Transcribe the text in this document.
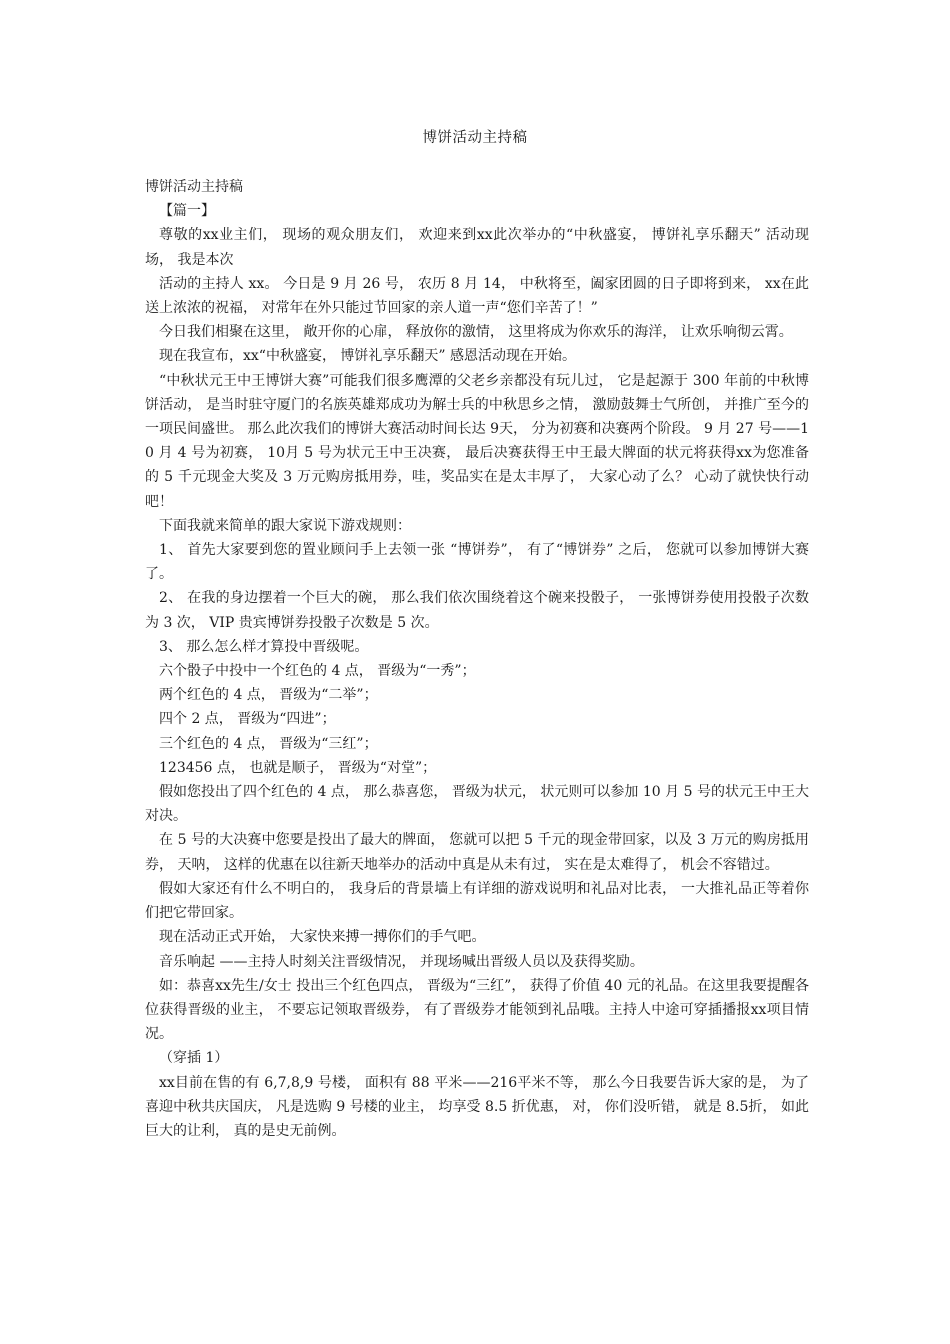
博饼活动主持稿

博饼活动主持稿

【篇一】

尊敬的xx业主们， 现场的观众朋友们， 欢迎来到xx此次举办的“中秋盛宴， 博饼礼享乐翻天” 活动现场， 我是本次

活动的主持人 xx。 今日是 9 月 26 号， 农历 8 月 14， 中秋将至，阖家团圆的日子即将到来， xx在此送上浓浓的祝福， 对常年在外只能过节回家的亲人道一声“您们辛苦了！”

今日我们相聚在这里， 敞开你的心扉， 释放你的激情， 这里将成为你欢乐的海洋， 让欢乐响彻云霄。

现在我宣布，xx“中秋盛宴， 博饼礼享乐翻天” 感恩活动现在开始。

“中秋状元王中王博饼大赛”可能我们很多鹰潭的父老乡亲都没有玩儿过， 它是起源于 300 年前的中秋博饼活动， 是当时驻守厦门的名族英雄郑成功为解士兵的中秋思乡之情， 激励鼓舞士气所创， 并推广至今的一项民间盛世。 那么此次我们的博饼大赛活动时间长达 9天， 分为初赛和决赛两个阶段。 9 月 27 号——10 月 4 号为初赛， 10月 5 号为状元王中王决赛， 最后决赛获得王中王最大牌面的状元将获得xx为您准备的 5 千元现金大奖及 3 万元购房抵用券，哇，奖品实在是太丰厚了， 大家心动了么？ 心动了就快快行动吧！

下面我就来简单的跟大家说下游戏规则：

1、 首先大家要到您的置业顾问手上去领一张 “博饼券”， 有了“博饼券” 之后， 您就可以参加博饼大赛了。

2、 在我的身边摆着一个巨大的碗， 那么我们依次围绕着这个碗来投骰子， 一张博饼券使用投骰子次数为 3 次， VIP 贵宾博饼券投骰子次数是 5 次。

3、 那么怎么样才算投中晋级呢。

六个骰子中投中一个红色的 4 点， 晋级为“一秀”；

两个红色的 4 点， 晋级为“二举”；

四个 2 点， 晋级为“四进”；

三个红色的 4 点， 晋级为“三红”；

123456 点， 也就是顺子， 晋级为“对堂”；

假如您投出了四个红色的 4 点， 那么恭喜您， 晋级为状元， 状元则可以参加 10 月 5 号的状元王中王大对决。

在 5 号的大决赛中您要是投出了最大的牌面， 您就可以把 5 千元的现金带回家，以及 3 万元的购房抵用券， 天呐， 这样的优惠在以往新天地举办的活动中真是从未有过， 实在是太难得了， 机会不容错过。

假如大家还有什么不明白的， 我身后的背景墙上有详细的游戏说明和礼品对比表， 一大推礼品正等着你们把它带回家。

现在活动正式开始， 大家快来搏一搏你们的手气吧。

音乐响起 ——主持人时刻关注晋级情况， 并现场喊出晋级人员以及获得奖励。

如：恭喜xx先生/女士 投出三个红色四点， 晋级为“三红”， 获得了价值 40 元的礼品。在这里我要提醒各位获得晋级的业主， 不要忘记领取晋级券， 有了晋级券才能领到礼品哦。主持人中途可穿插播报xx项目情况。

（穿插 1）

xx目前在售的有 6,7,8,9 号楼， 面积有 88 平米——216平米不等， 那么今日我要告诉大家的是， 为了喜迎中秋共庆国庆， 凡是选购 9 号楼的业主， 均享受 8.5 折优惠， 对， 你们没听错， 就是 8.5折， 如此巨大的让利， 真的是史无前例。
